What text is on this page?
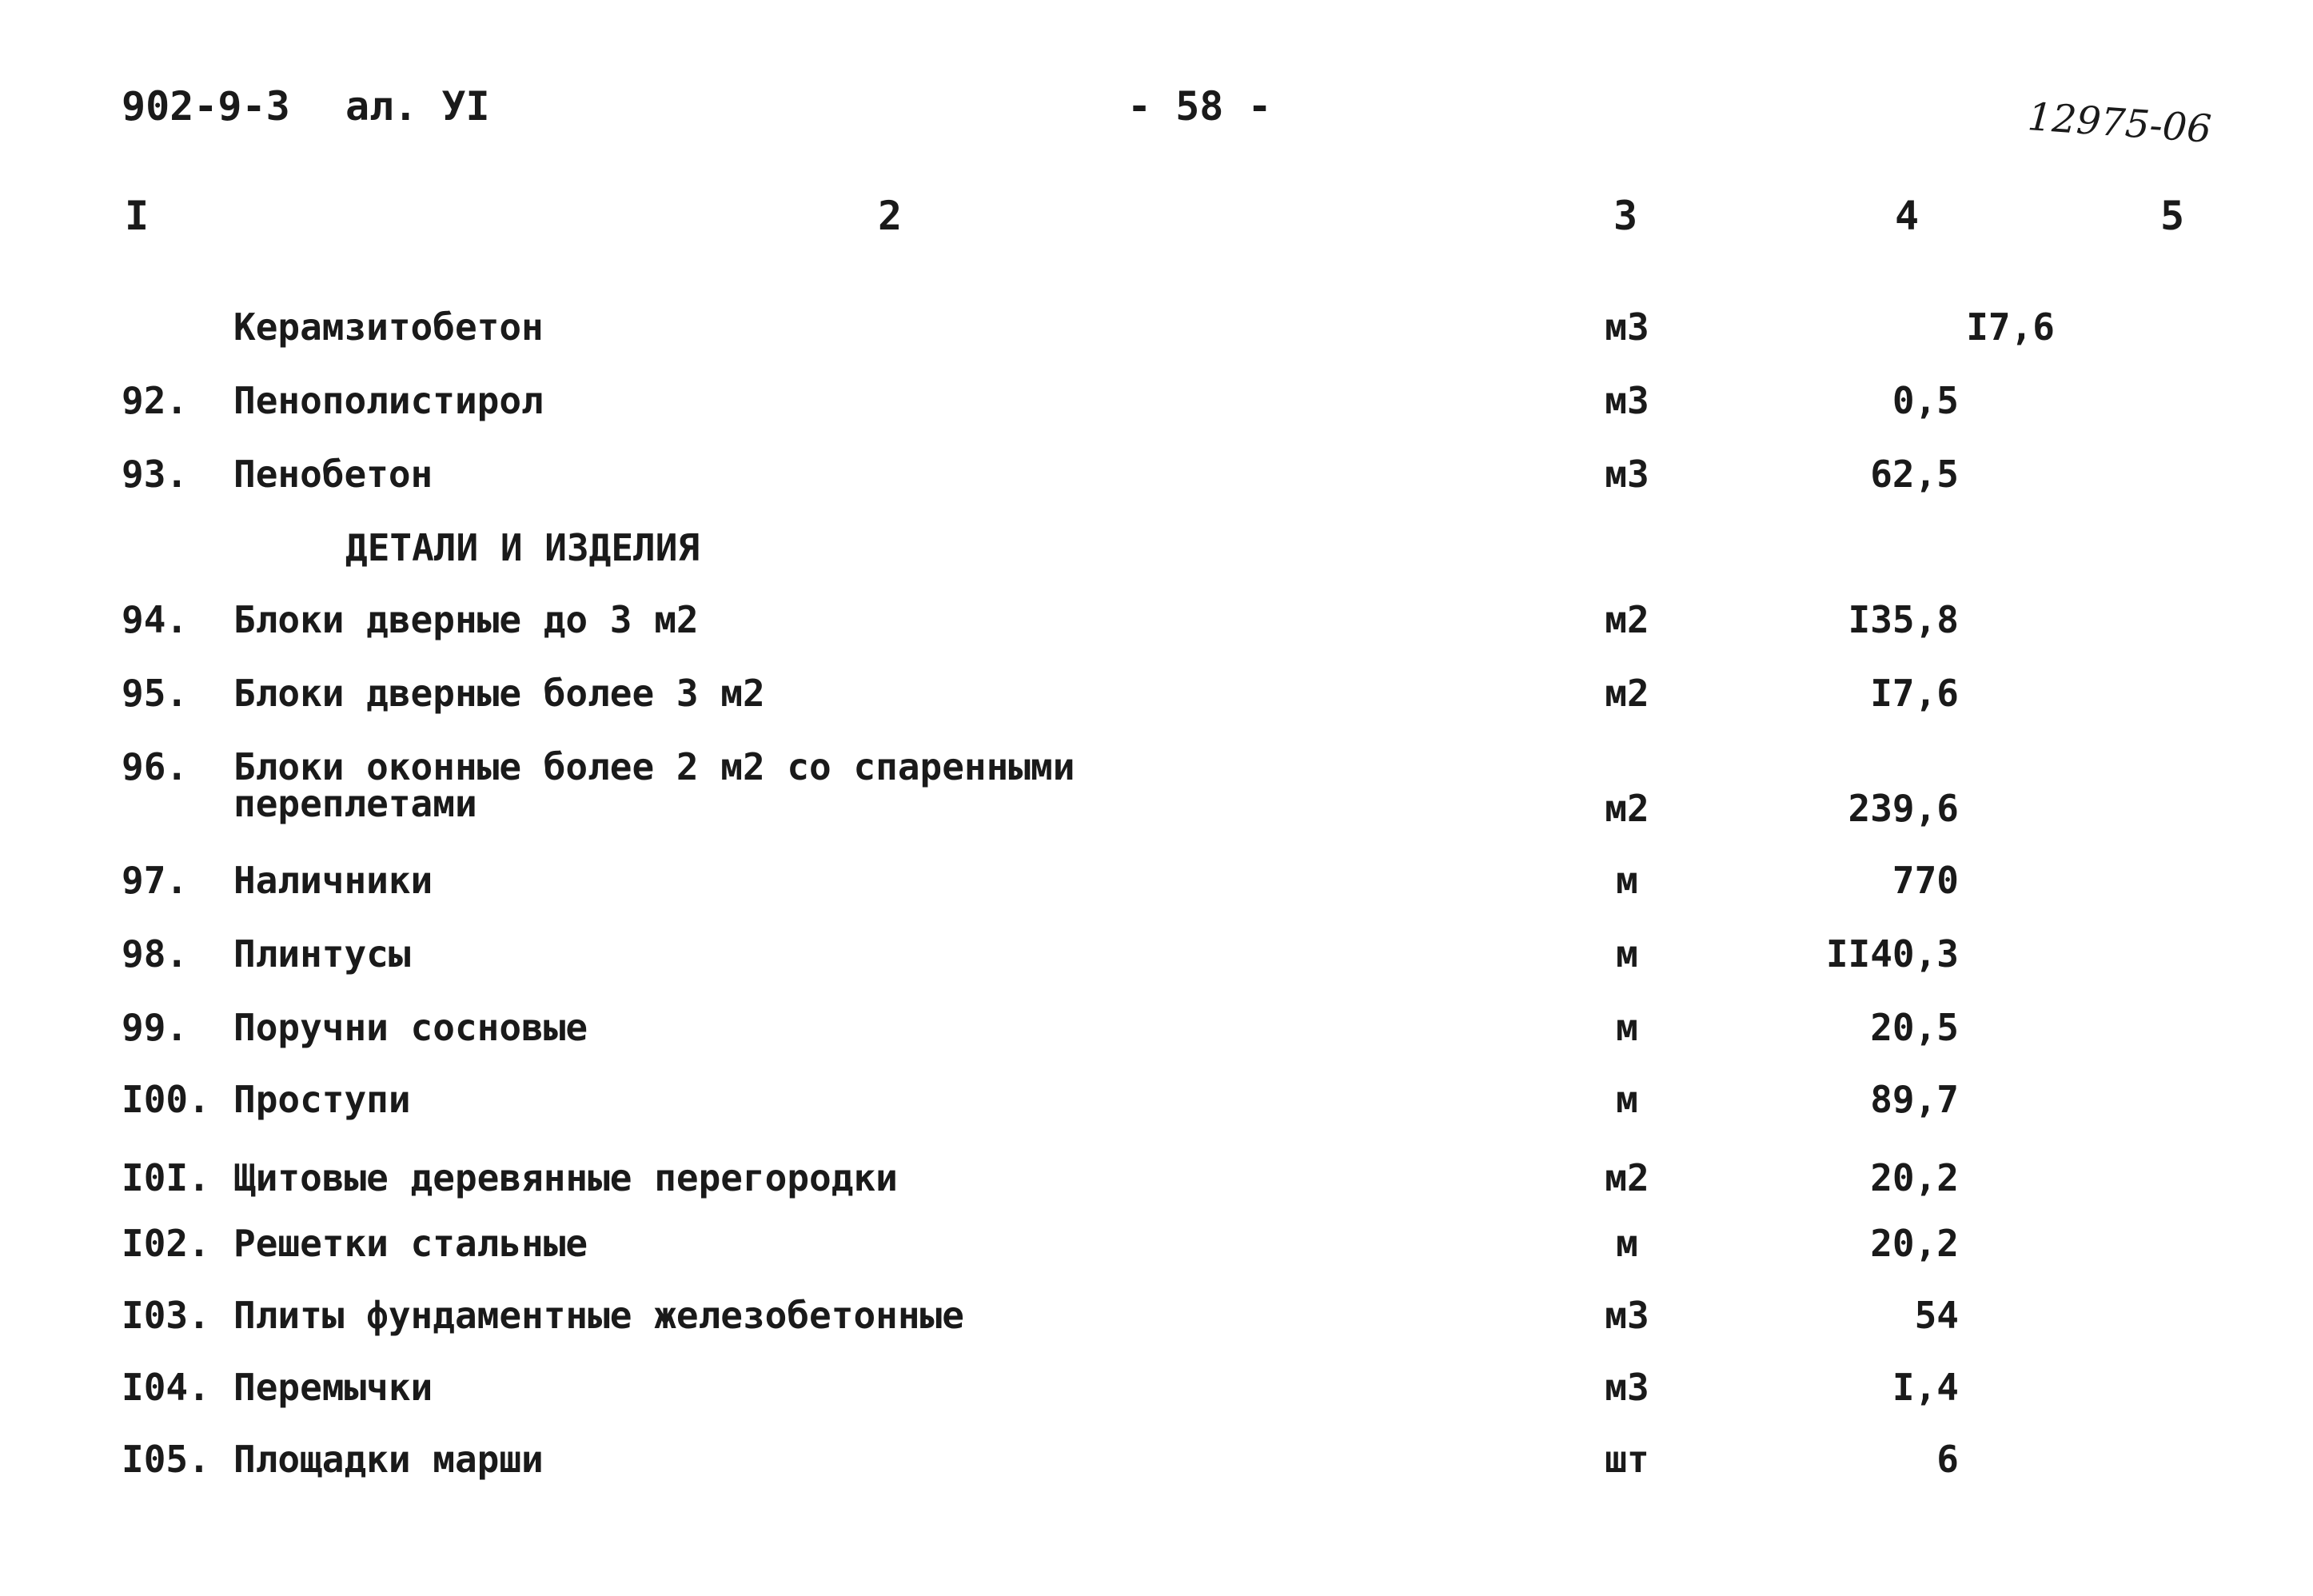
902-9-3 ал. УI	- 58 -	12975-06
I	2	3	4	5
Керамзитобетон	м3	I7,6
92. Пенополистирол	м3	0,5
93. Пенобетон	м3	62,5
ДЕТАЛИ И ИЗДЕЛИЯ
94. Блоки дверные до 3 м2	м2	I35,8
95. Блоки дверные более 3 м2	м2	I7,6
96. Блоки оконные более 2 м2 со спаренными
переплетами	м2	239,6
97. Наличники	м	770
98. Плинтусы	м	II40,3
99. Поручни сосновые	м	20,5
I00. Проступи	м	89,7
I0I. Щитовые деревянные перегородки	м2	20,2
I02. Решетки стальные	м	20,2
I03. Плиты фундаментные железобетонные	м3	54
I04. Перемычки	м3	I,4
I05. Площадки марши	шт	6
